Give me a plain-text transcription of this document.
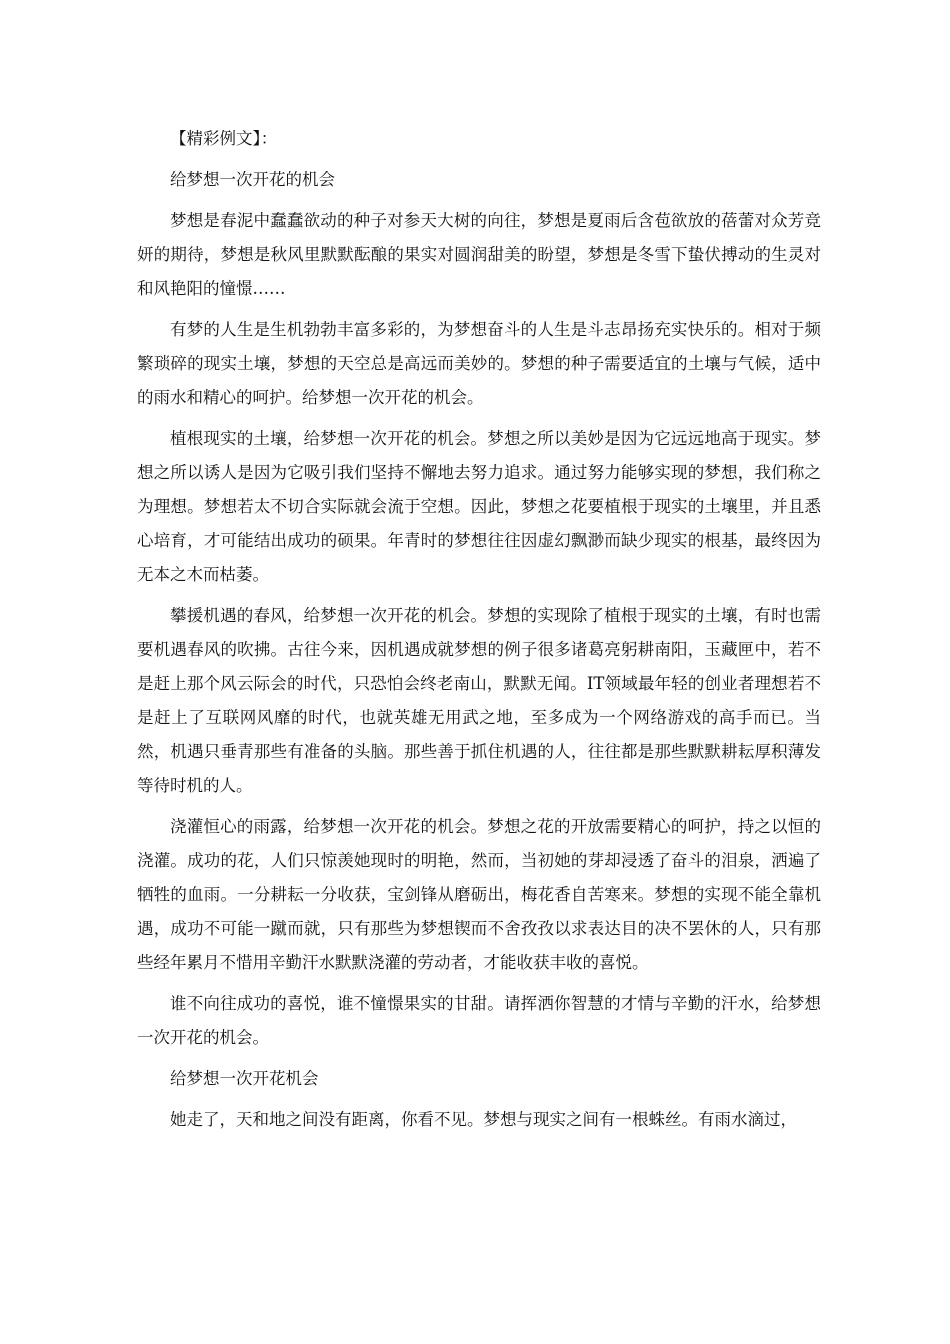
【精彩例文】：

给梦想一次开花的机会

梦想是春泥中蠢蠢欲动的种子对参天大树的向往，梦想是夏雨后含苞欲放的蓓蕾对众芳竞妍的期待，梦想是秋风里默默酝酿的果实对圆润甜美的盼望，梦想是冬雪下蛰伏搏动的生灵对和风艳阳的憧憬……

有梦的人生是生机勃勃丰富多彩的，为梦想奋斗的人生是斗志昂扬充实快乐的。相对于频繁琐碎的现实土壤，梦想的天空总是高远而美妙的。梦想的种子需要适宜的土壤与气候，适中的雨水和精心的呵护。给梦想一次开花的机会。

植根现实的土壤，给梦想一次开花的机会。梦想之所以美妙是因为它远远地高于现实。梦想之所以诱人是因为它吸引我们坚持不懈地去努力追求。通过努力能够实现的梦想，我们称之为理想。梦想若太不切合实际就会流于空想。因此，梦想之花要植根于现实的土壤里，并且悉心培育，才可能结出成功的硕果。年青时的梦想往往因虚幻飘渺而缺少现实的根基，最终因为无本之木而枯萎。

攀援机遇的春风，给梦想一次开花的机会。梦想的实现除了植根于现实的土壤，有时也需要机遇春风的吹拂。古往今来，因机遇成就梦想的例子很多诸葛亮躬耕南阳，玉藏匣中，若不是赶上那个风云际会的时代，只恐怕会终老南山，默默无闻。IT领域最年轻的创业者理想若不是赶上了互联网风靡的时代，也就英雄无用武之地，至多成为一个网络游戏的高手而已。当然，机遇只垂青那些有准备的头脑。那些善于抓住机遇的人，往往都是那些默默耕耘厚积薄发等待时机的人。

浇灌恒心的雨露，给梦想一次开花的机会。梦想之花的开放需要精心的呵护，持之以恒的浇灌。成功的花，人们只惊羡她现时的明艳，然而，当初她的芽却浸透了奋斗的泪泉，洒遍了牺牲的血雨。一分耕耘一分收获，宝剑锋从磨砺出，梅花香自苦寒来。梦想的实现不能全靠机遇，成功不可能一蹴而就，只有那些为梦想锲而不舍孜孜以求表达目的决不罢休的人，只有那些经年累月不惜用辛勤汗水默默浇灌的劳动者，才能收获丰收的喜悦。

谁不向往成功的喜悦，谁不憧憬果实的甘甜。请挥洒你智慧的才情与辛勤的汗水，给梦想一次开花的机会。

给梦想一次开花机会

她走了，天和地之间没有距离，你看不见。梦想与现实之间有一根蛛丝。有雨水滴过，
